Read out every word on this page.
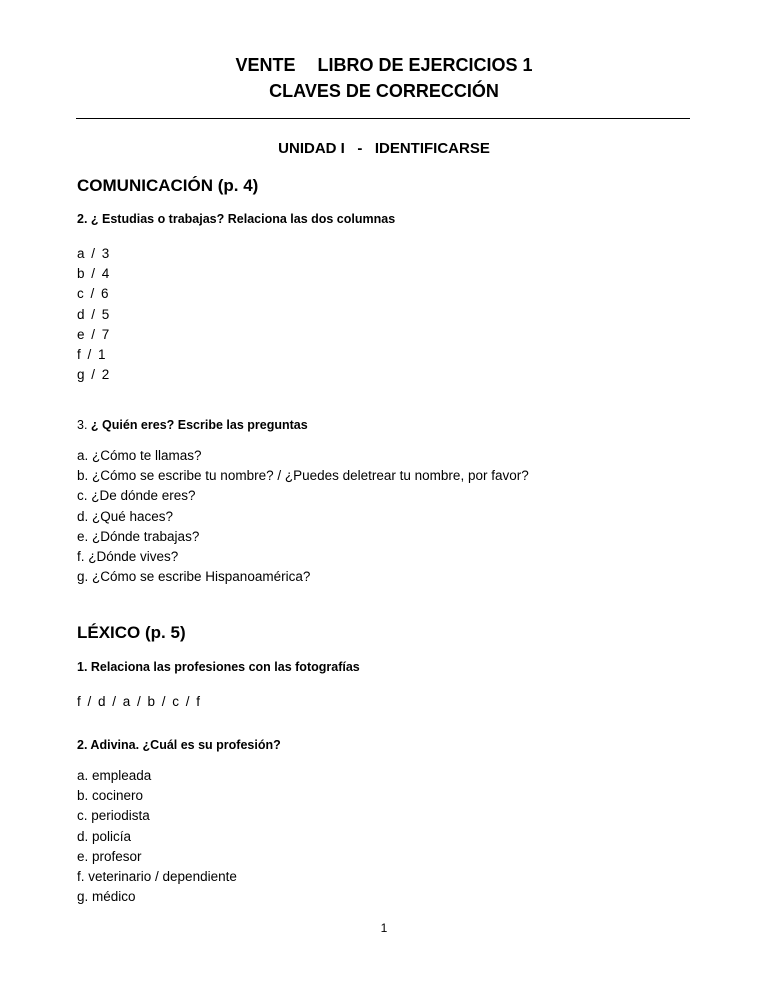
VENTE LIBRO DE EJERCICIOS 1
CLAVES DE CORRECCIÓN
UNIDAD I   -   IDENTIFICARSE
COMUNICACIÓN (p. 4)
2. ¿ Estudias o trabajas? Relaciona las dos columnas
a / 3
b / 4
c / 6
d / 5
e / 7
f / 1
g / 2
3. ¿ Quién eres? Escribe las preguntas
a. ¿Cómo te llamas?
b. ¿Cómo se escribe tu nombre? / ¿Puedes deletrear tu nombre, por favor?
c. ¿De dónde eres?
d. ¿Qué haces?
e. ¿Dónde trabajas?
f. ¿Dónde vives?
g. ¿Cómo se escribe Hispanoamérica?
LÉXICO (p. 5)
1. Relaciona las profesiones con las fotografías
f / d / a / b / c / f
2. Adivina. ¿Cuál es su profesión?
a. empleada
b. cocinero
c. periodista
d. policía
e. profesor
f. veterinario / dependiente
g. médico
1
